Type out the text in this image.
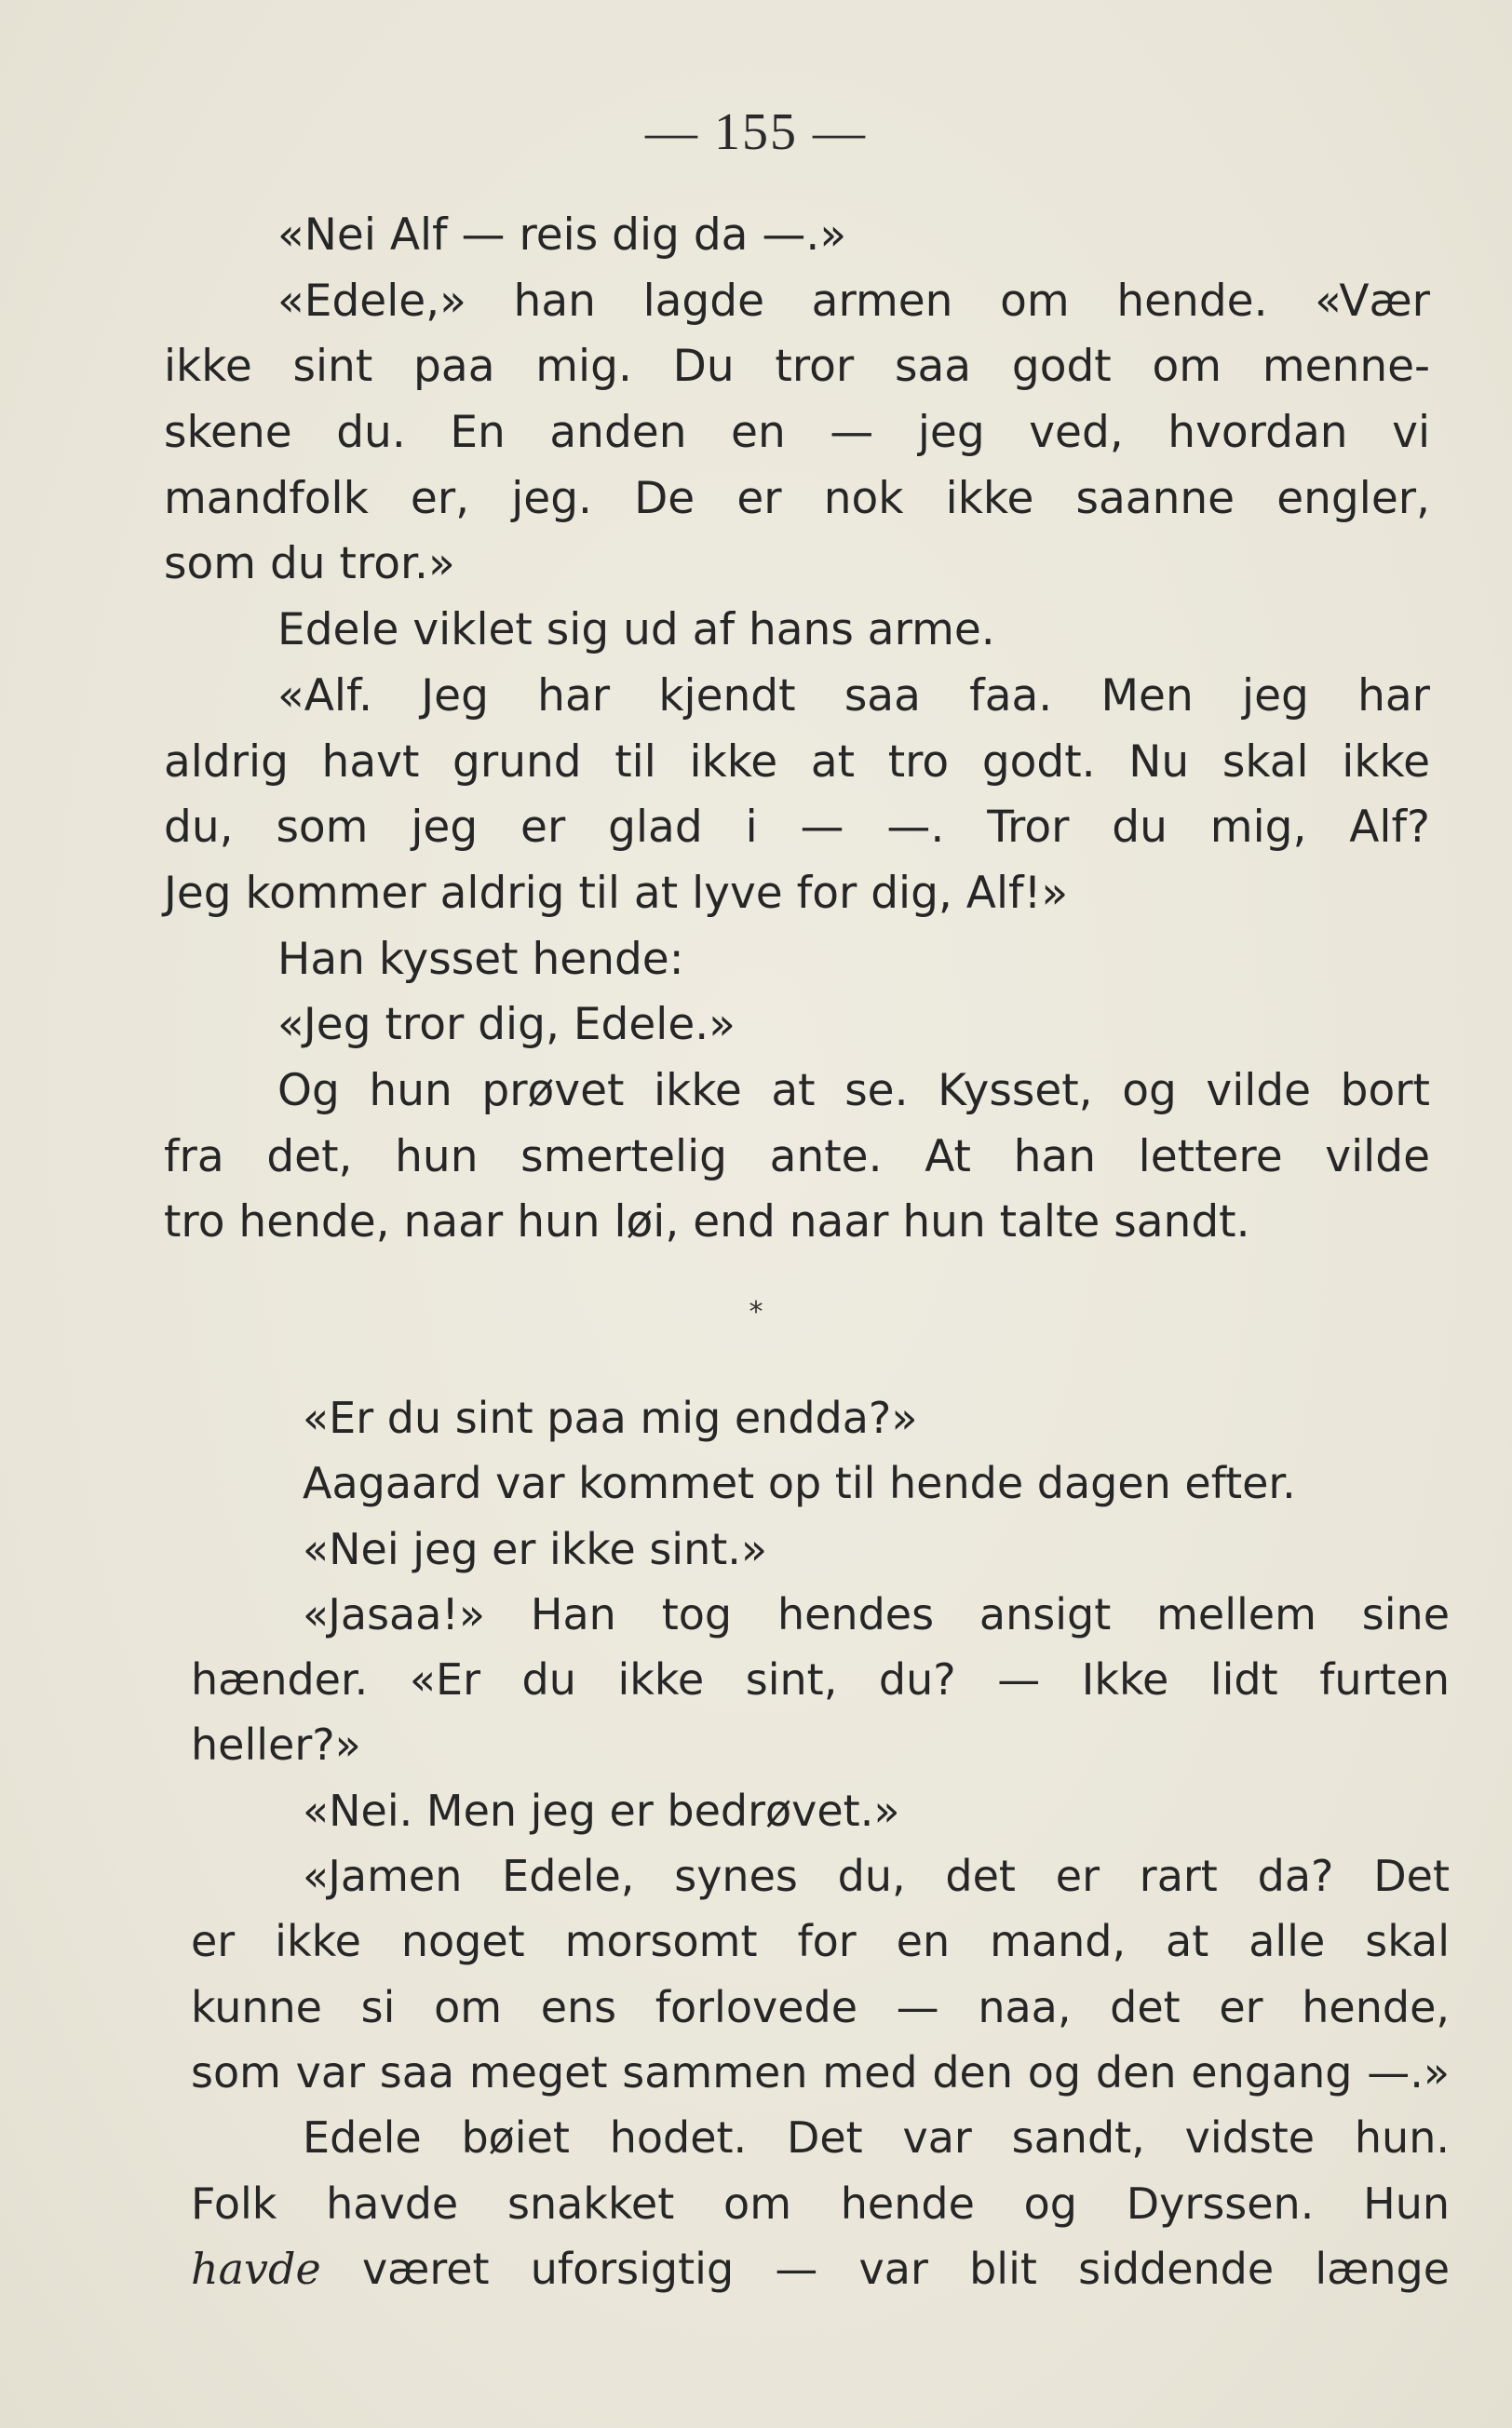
— 155 —
«Nei Alf — reis dig da —.»
«Edele,» han lagde armen om hende. «Vær
ikke sint paa mig. Du tror saa godt om menne-
skene du. En anden en — jeg ved, hvordan vi
mandfolk er, jeg. De er nok ikke saanne engler,
som du tror.»
Edele viklet sig ud af hans arme.
«Alf. Jeg har kjendt saa faa. Men jeg har
aldrig havt grund til ikke at tro godt. Nu skal ikke
du, som jeg er glad i — —. Tror du mig, Alf?
Jeg kommer aldrig til at lyve for dig, Alf!»
Han kysset hende:
«Jeg tror dig, Edele.»
Og hun prøvet ikke at se. Kysset, og vilde bort
fra det, hun smertelig ante. At han lettere vilde
tro hende, naar hun løi, end naar hun talte sandt.
*
«Er du sint paa mig endda?»
Aagaard var kommet op til hende dagen efter.
«Nei jeg er ikke sint.»
«Jasaa!» Han tog hendes ansigt mellem sine
hænder. «Er du ikke sint, du? — Ikke lidt furten
heller?»
«Nei. Men jeg er bedrøvet.»
«Jamen Edele, synes du, det er rart da? Det
er ikke noget morsomt for en mand, at alle skal
kunne si om ens forlovede — naa, det er hende,
som var saa meget sammen med den og den engang —.»
Edele bøiet hodet. Det var sandt, vidste hun.
Folk havde snakket om hende og Dyrssen. Hun
havde været uforsigtig — var blit siddende længe
